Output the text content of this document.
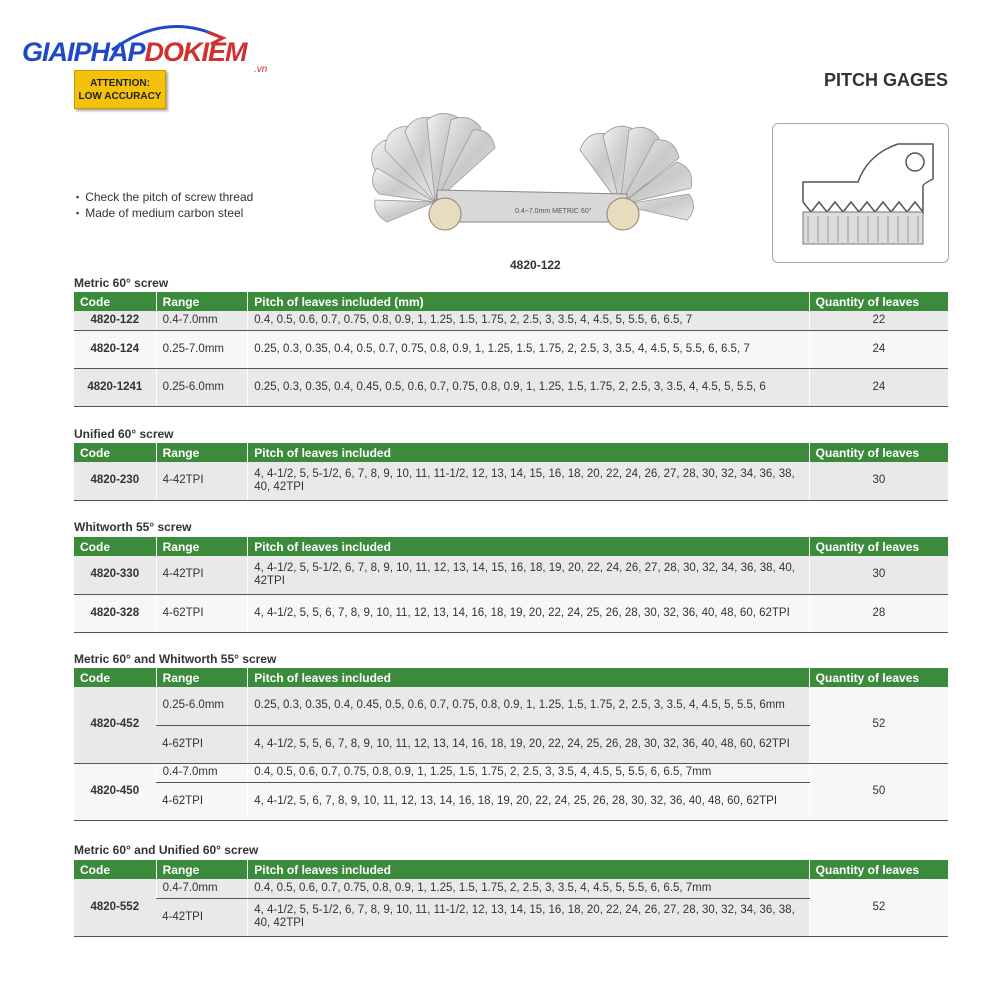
GIAIPHAPDOKIEM
.vn
ATTENTION:
LOW ACCURACY
PITCH GAGES
▪ Check the pitch of screw thread
▪ Made of medium carbon steel	0.4~7.0mm METRIC 60°
4820-122
Metric 60° screw
Code	Range	Pitch of leaves included (mm)	Quantity of leaves
4820-122	0.4-7.0mm	0.4, 0.5, 0.6, 0.7, 0.75, 0.8, 0.9, 1, 1.25, 1.5, 1.75, 2, 2.5, 3, 3.5, 4, 4.5, 5, 5.5, 6, 6.5, 7	22
4820-124	0.25-7.0mm	0.25, 0.3, 0.35, 0.4, 0.5, 0.7, 0.75, 0.8, 0.9, 1, 1.25, 1.5, 1.75, 2, 2.5, 3, 3.5, 4, 4.5, 5, 5.5, 6, 6.5, 7	24
4820-1241	0.25-6.0mm	0.25, 0.3, 0.35, 0.4, 0.45, 0.5, 0.6, 0.7, 0.75, 0.8, 0.9, 1, 1.25, 1.5, 1.75, 2, 2.5, 3, 3.5, 4, 4.5, 5, 5.5, 6	24
Unified 60° screw
Code	Range	Pitch of leaves included	Quantity of leaves
4820-230	4-42TPI	4, 4-1/2, 5, 5-1/2, 6, 7, 8, 9, 10, 11, 11-1/2, 12, 13, 14, 15, 16, 18, 20, 22, 24, 26, 27, 28, 30, 32, 34, 36, 38, 40, 42TPI	30
Whitworth 55° screw
Code	Range	Pitch of leaves included	Quantity of leaves
4820-330	4-42TPI	4, 4-1/2, 5, 5-1/2, 6, 7, 8, 9, 10, 11, 12, 13, 14, 15, 16, 18, 19, 20, 22, 24, 26, 27, 28, 30, 32, 34, 36, 38, 40, 42TPI	30
4820-328	4-62TPI	4, 4-1/2, 5, 5, 6, 7, 8, 9, 10, 11, 12, 13, 14, 16, 18, 19, 20, 22, 24, 25, 26, 28, 30, 32, 36, 40, 48, 60, 62TPI	28
Metric 60° and Whitworth 55° screw
Code	Range	Pitch of leaves included	Quantity of leaves
4820-452	0.25-6.0mm	0.25, 0.3, 0.35, 0.4, 0.45, 0.5, 0.6, 0.7, 0.75, 0.8, 0.9, 1, 1.25, 1.5, 1.75, 2, 2.5, 3, 3.5, 4, 4.5, 5, 5.5, 6mm	52
	4-62TPI	4, 4-1/2, 5, 5, 6, 7, 8, 9, 10, 11, 12, 13, 14, 16, 18, 19, 20, 22, 24, 25, 26, 28, 30, 32, 36, 40, 48, 60, 62TPI	
4820-450	0.4-7.0mm	0.4, 0.5, 0.6, 0.7, 0.75, 0.8, 0.9, 1, 1.25, 1.5, 1.75, 2, 2.5, 3, 3.5, 4, 4.5, 5, 5.5, 6, 6.5, 7mm	50
	4-62TPI	4, 4-1/2, 5, 6, 7, 8, 9, 10, 11, 12, 13, 14, 16, 18, 19, 20, 22, 24, 25, 26, 28, 30, 32, 36, 40, 48, 60, 62TPI	
Metric 60° and Unified 60° screw
Code	Range	Pitch of leaves included	Quantity of leaves
4820-552	0.4-7.0mm	0.4, 0.5, 0.6, 0.7, 0.75, 0.8, 0.9, 1, 1.25, 1.5, 1.75, 2, 2.5, 3, 3.5, 4, 4.5, 5, 5.5, 6, 6.5, 7mm	52
	4-42TPI	4, 4-1/2, 5, 5-1/2, 6, 7, 8, 9, 10, 11, 11-1/2, 12, 13, 14, 15, 16, 18, 20, 22, 24, 26, 27, 28, 30, 32, 34, 36, 38, 40, 42TPI	
